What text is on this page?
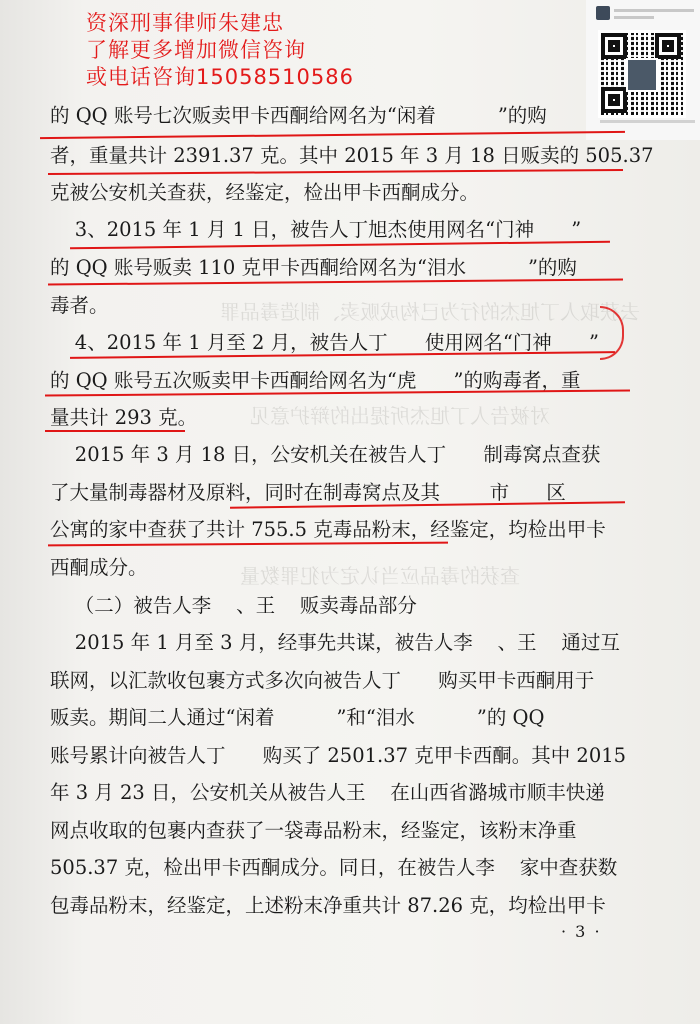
去获取人丁旭杰的行为已构成贩卖、制造毒品罪
对被告人丁旭杰所提出的辩护意见
查获的毒品应当认定为犯罪数量
资深刑事律师朱建忠
了解更多增加微信咨询
或电话咨询15058510586
的 QQ 账号七次贩卖甲卡西酮给网名为“闲着          ”的购
者，重量共计 2391.37 克。其中 2015 年 3 月 18 日贩卖的 505.37
克被公安机关查获，经鉴定，检出甲卡西酮成分。
3、2015 年 1 月 1 日，被告人丁旭杰使用网名“门神      ”
的 QQ 账号贩卖 110 克甲卡西酮给网名为“泪水          ”的购
毒者。
4、2015 年 1 月至 2 月，被告人丁      使用网名“门神      ”
的 QQ 账号五次贩卖甲卡西酮给网名为“虎      ”的购毒者，重
量共计 293 克。
2015 年 3 月 18 日，公安机关在被告人丁      制毒窝点查获
了大量制毒器材及原料，同时在制毒窝点及其        市      区
公寓的家中查获了共计 755.5 克毒品粉末，经鉴定，均检出甲卡
西酮成分。
（二）被告人李    、王    贩卖毒品部分
2015 年 1 月至 3 月，经事先共谋，被告人李    、王    通过互
联网，以汇款收包裹方式多次向被告人丁      购买甲卡西酮用于
贩卖。期间二人通过“闲着          ”和“泪水          ”的 QQ
账号累计向被告人丁      购买了 2501.37 克甲卡西酮。其中 2015
年 3 月 23 日，公安机关从被告人王    在山西省潞城市顺丰快递
网点收取的包裹内查获了一袋毒品粉末，经鉴定，该粉末净重
505.37 克，检出甲卡西酮成分。同日，在被告人李    家中查获数
包毒品粉末，经鉴定，上述粉末净重共计 87.26 克，均检出甲卡
· 3 ·
